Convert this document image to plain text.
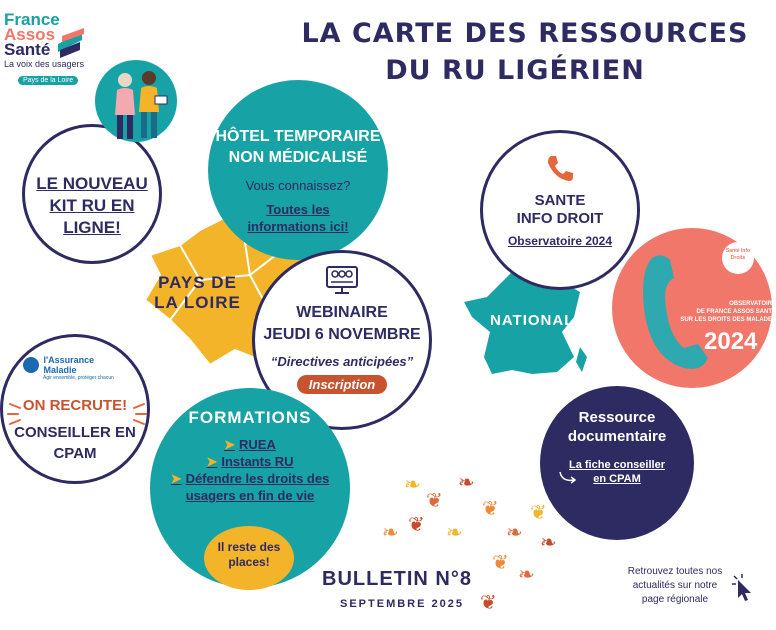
France
Assos
Santé
La voix des usagers
Pays de la Loire
LA CARTE DES RESSOURCES
DU RU LIGÉRIEN
PAYS DE
LA LOIRE
LE NOUVEAU
KIT RU EN
LIGNE!
HÔTEL TEMPORAIRE
NON MÉDICALISÉ
Vous connaissez?
Toutes les
informations ici!
WEBINAIRE
JEUDI 6 NOVEMBRE
“Directives anticipées”
Inscription
l'Assurance
Maladie
Agir ensemble, protéger chacun
ON RECRUTE!
CONSEILLER EN
CPAM
FORMATIONS
➤ RUEA
➤ Instants RU
➤ Défendre les droits des
usagers en fin de vie
Il reste des
places!
NATIONAL
SANTE
INFO DROIT
Observatoire 2024
Santé Info Droits
OBSERVATOIRE
DE FRANCE ASSOS SANTÉ
SUR LES DROITS DES MALADES
2024
Ressource
documentaire
La fiche conseiller
en CPAM
❧
❦
❧
❦
❦ ❧ ❧
❦
❧
❦
❧
❦
❧
BULLETIN N°8
SEPTEMBRE 2025
Retrouvez toutes nos
actualités sur notre
page régionale
